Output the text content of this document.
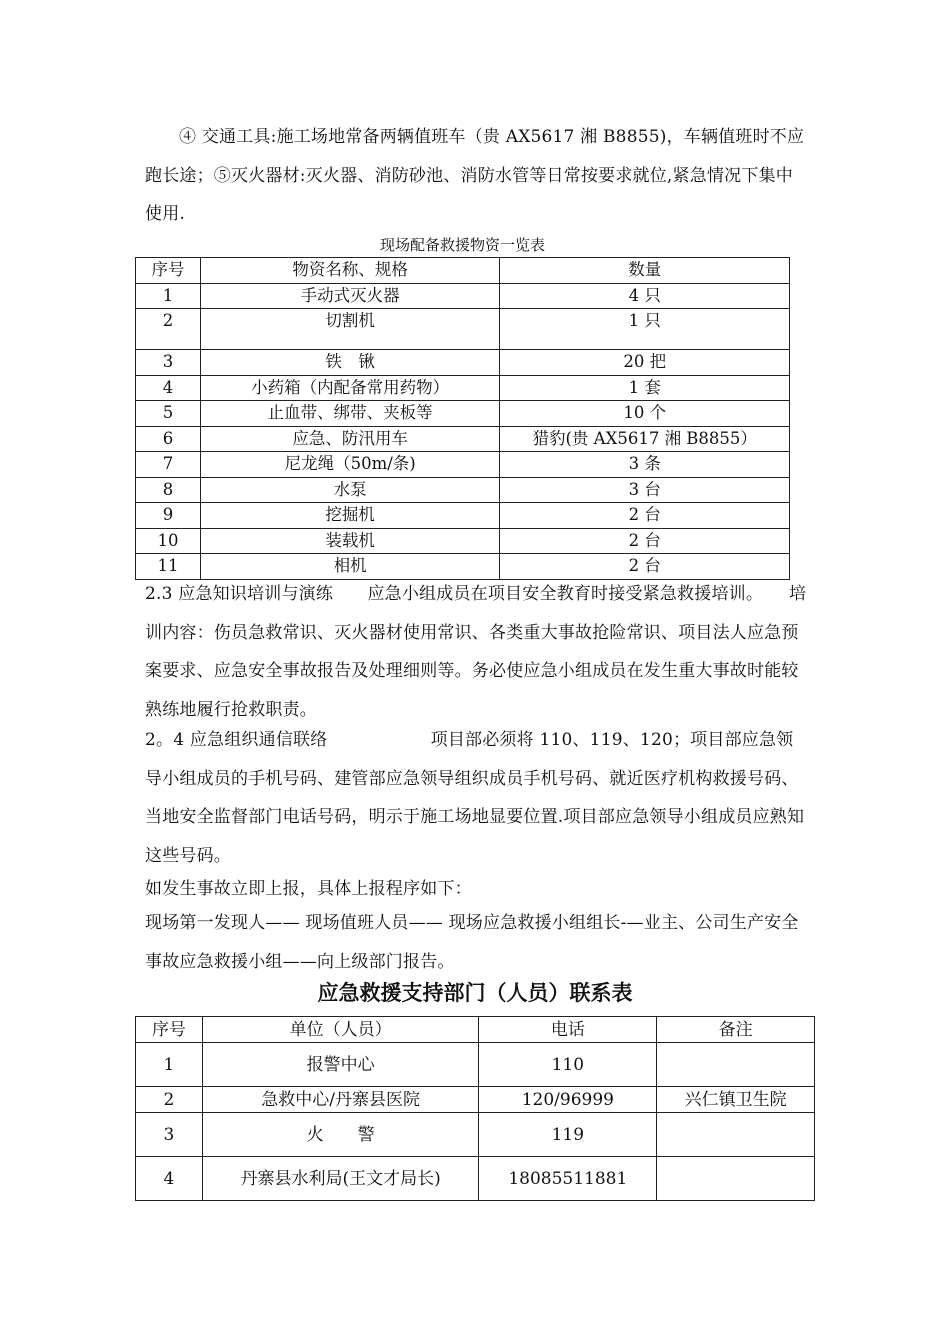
④ 交通工具:施工场地常备两辆值班车（贵 AX5617 湘 B8855)，车辆值班时不应跑长途；⑤灭火器材:灭火器、消防砂池、消防水管等日常按要求就位,紧急情况下集中使用.
现场配备救援物资一览表
序号	物资名称、规格	数量
1	手动式灭火器	4 只
2	切割机	1 只
3	铁　锹	20 把
4	小药箱（内配备常用药物）	1 套
5	止血带、绑带、夹板等	10 个
6	应急、防汛用车	猎豹(贵 AX5617 湘 B8855）
7	尼龙绳（50m/条)	3 条
8	水泵	3 台
9	挖掘机	2 台
10	装载机	2 台
11	相机	2 台
2.3 应急知识培训与演练　　应急小组成员在项目安全教育时接受紧急救援培训。　　培训内容：伤员急救常识、灭火器材使用常识、各类重大事故抢险常识、项目法人应急预案要求、应急安全事故报告及处理细则等。务必使应急小组成员在发生重大事故时能较熟练地履行抢救职责。
2。4 应急组织通信联络　　　　　　项目部必须将 110、119、120；项目部应急领导小组成员的手机号码、建管部应急领导组织成员手机号码、就近医疗机构救援号码、当地安全监督部门电话号码，明示于施工场地显要位置.项目部应急领导小组成员应熟知这些号码。
如发生事故立即上报，具体上报程序如下：
现场第一发现人—— 现场值班人员—— 现场应急救援小组组长-—业主、公司生产安全事故应急救援小组——向上级部门报告。
应急救援支持部门（人员）联系表
序号	单位（人员）	电话	备注
1	报警中心	110	
2	急救中心/丹寨县医院	120/96999	兴仁镇卫生院
3	火　　警	119	
4	丹寨县水利局(王文才局长)	18085511881	
